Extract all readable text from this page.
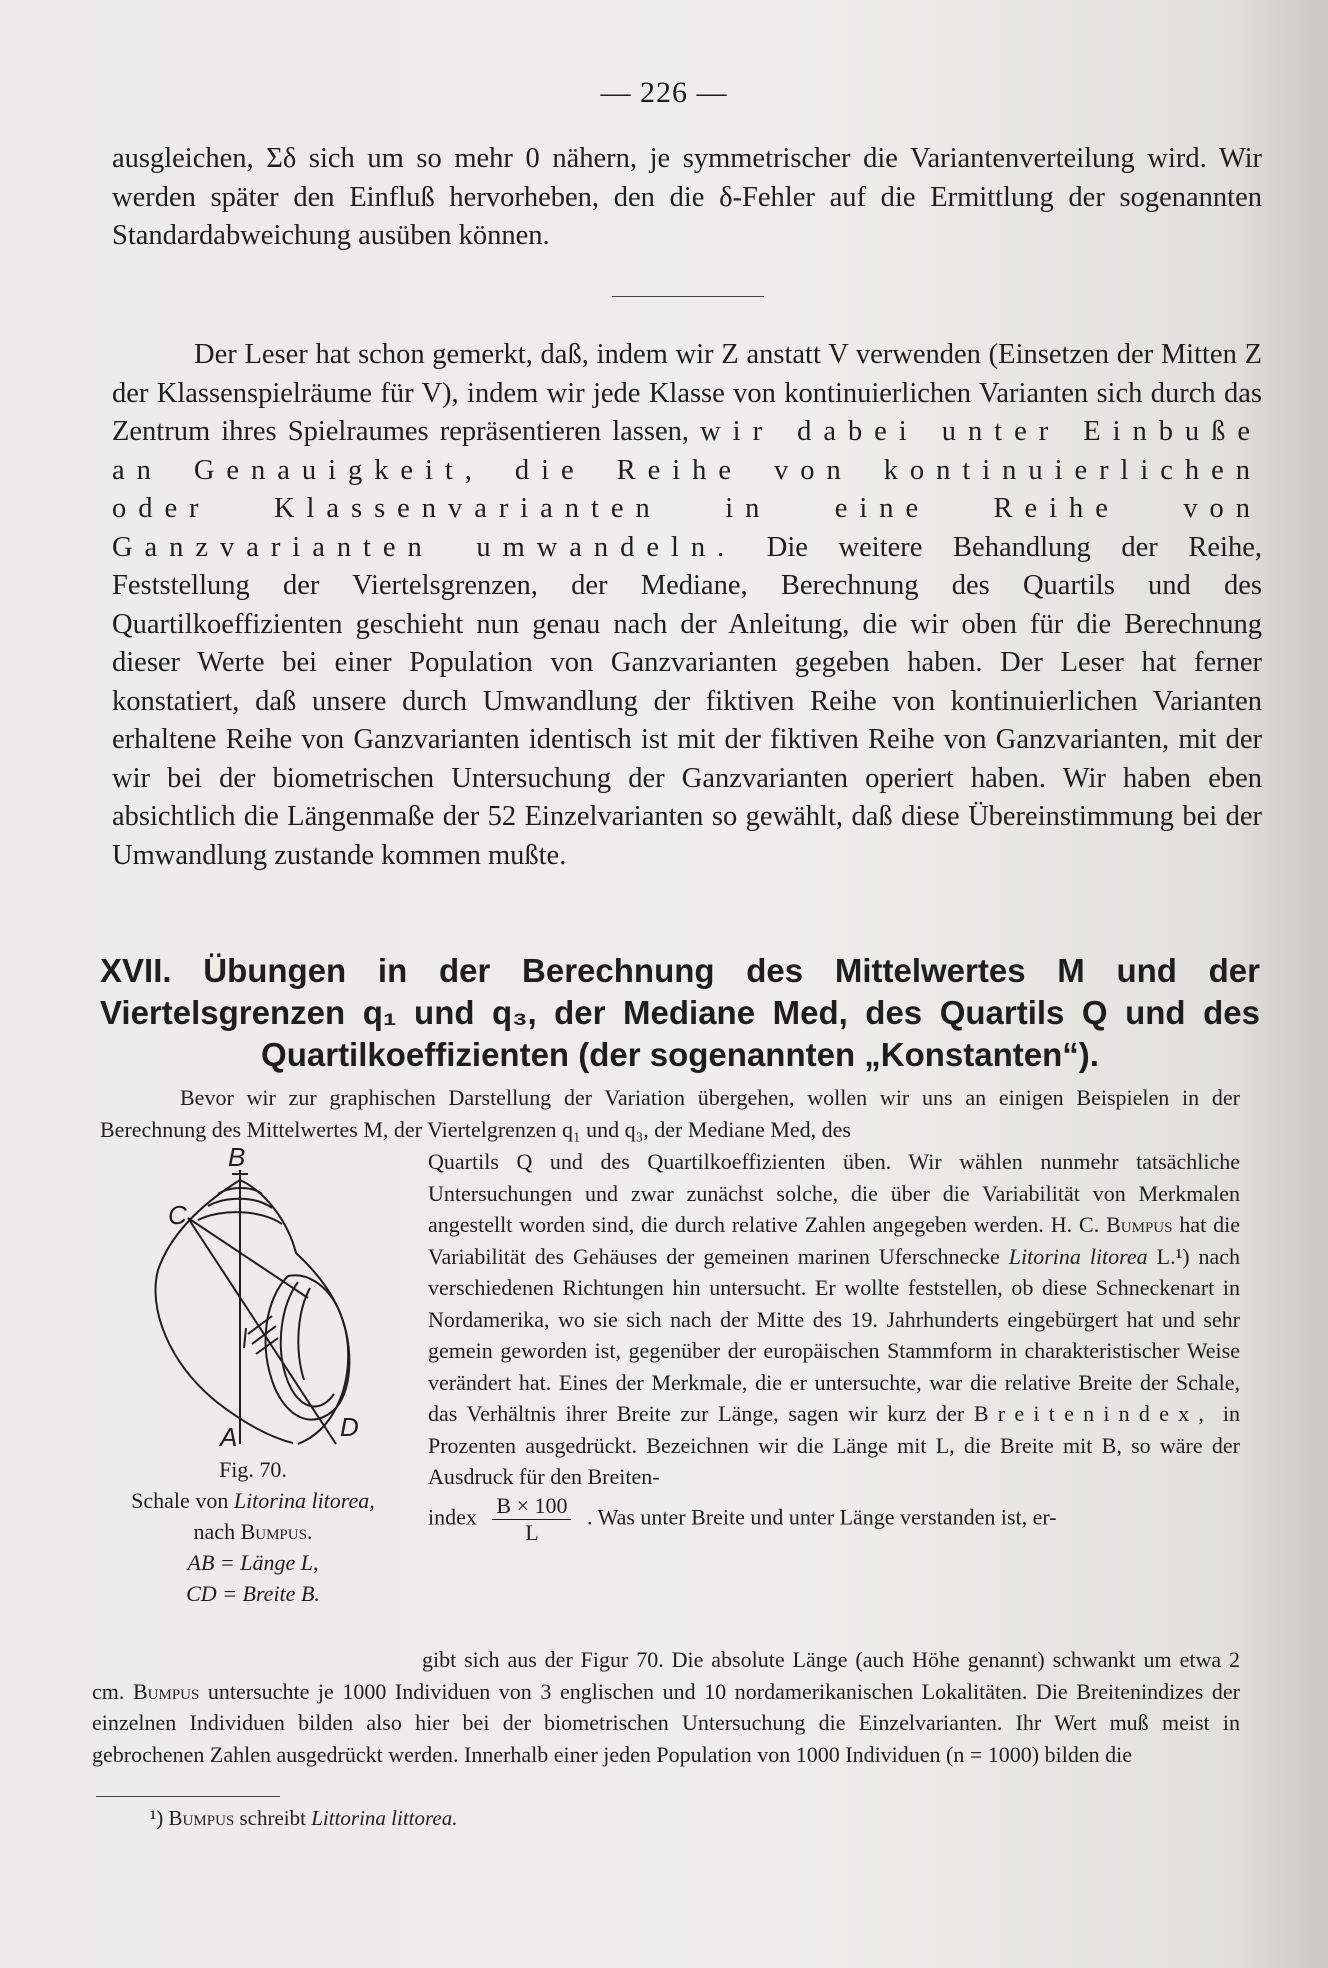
— 226 —

ausgleichen, Σδ sich um so mehr 0 nähern, je symmetrischer die Variantenverteilung wird. Wir werden später den Einfluß hervorheben, den die δ-Fehler auf die Ermittlung der sogenannten Standardabweichung ausüben können.

Der Leser hat schon gemerkt, daß, indem wir Z anstatt V verwenden (Einsetzen der Mitten Z der Klassenspielräume für V), indem wir jede Klasse von kontinuierlichen Varianten sich durch das Zentrum ihres Spielraumes repräsentieren lassen, wir dabei unter Einbuße an Genauigkeit, die Reihe von kontinuierlichen oder Klassenvarianten in eine Reihe von Ganzvarianten umwandeln. Die weitere Behandlung der Reihe, Feststellung der Viertelsgrenzen, der Mediane, Berechnung des Quartils und des Quartilkoeffizienten geschieht nun genau nach der Anleitung, die wir oben für die Berechnung dieser Werte bei einer Population von Ganzvarianten gegeben haben. Der Leser hat ferner konstatiert, daß unsere durch Umwandlung der fiktiven Reihe von kontinuierlichen Varianten erhaltene Reihe von Ganzvarianten identisch ist mit der fiktiven Reihe von Ganzvarianten, mit der wir bei der biometrischen Untersuchung der Ganzvarianten operiert haben. Wir haben eben absichtlich die Längenmaße der 52 Einzelvarianten so gewählt, daß diese Übereinstimmung bei der Umwandlung zustande kommen mußte.

XVII. Übungen in der Berechnung des Mittelwertes M und der Viertelsgrenzen q₁ und q₃, der Mediane Med, des Quartils Q und des Quartilkoeffizienten (der sogenannten „Konstanten“).

Bevor wir zur graphischen Darstellung der Variation übergehen, wollen wir uns an einigen Beispielen in der Berechnung des Mittelwertes M, der Viertelgrenzen q₁ und q₃, der Mediane Med, des

B
C
A	D
Fig. 70.
Schale von Litorina litorea,
nach Bumpus.
AB = Länge L,
CD = Breite B.

Quartils Q und des Quartilkoeffizienten üben. Wir wählen nunmehr tatsächliche Untersuchungen und zwar zunächst solche, die über die Variabilität von Merkmalen angestellt worden sind, die durch relative Zahlen angegeben werden. H. C. Bumpus hat die Variabilität des Gehäuses der gemeinen marinen Uferschnecke Litorina litorea L.¹) nach verschiedenen Richtungen hin untersucht. Er wollte feststellen, ob diese Schneckenart in Nordamerika, wo sie sich nach der Mitte des 19. Jahrhunderts eingebürgert hat und sehr gemein geworden ist, gegenüber der europäischen Stammform in charakteristischer Weise verändert hat. Eines der Merkmale, die er untersuchte, war die relative Breite der Schale, das Verhältnis ihrer Breite zur Länge, sagen wir kurz der Breitenindex, in Prozenten ausgedrückt. Bezeichnen wir die Länge mit L, die Breite mit B, so wäre der Ausdruck für den Breiten-

index $\frac{B \times 100}{L}$ . Was unter Breite und unter Länge verstanden ist, er-

gibt sich aus der Figur 70. Die absolute Länge (auch Höhe genannt) schwankt um etwa 2 cm. Bumpus untersuchte je 1000 Individuen von 3 englischen und 10 nordamerikanischen Lokalitäten. Die Breitenindizes der einzelnen Individuen bilden also hier bei der biometrischen Untersuchung die Einzelvarianten. Ihr Wert muß meist in gebrochenen Zahlen ausgedrückt werden. Innerhalb einer jeden Population von 1000 Individuen (n = 1000) bilden die

¹) Bumpus schreibt Littorina littorea.
